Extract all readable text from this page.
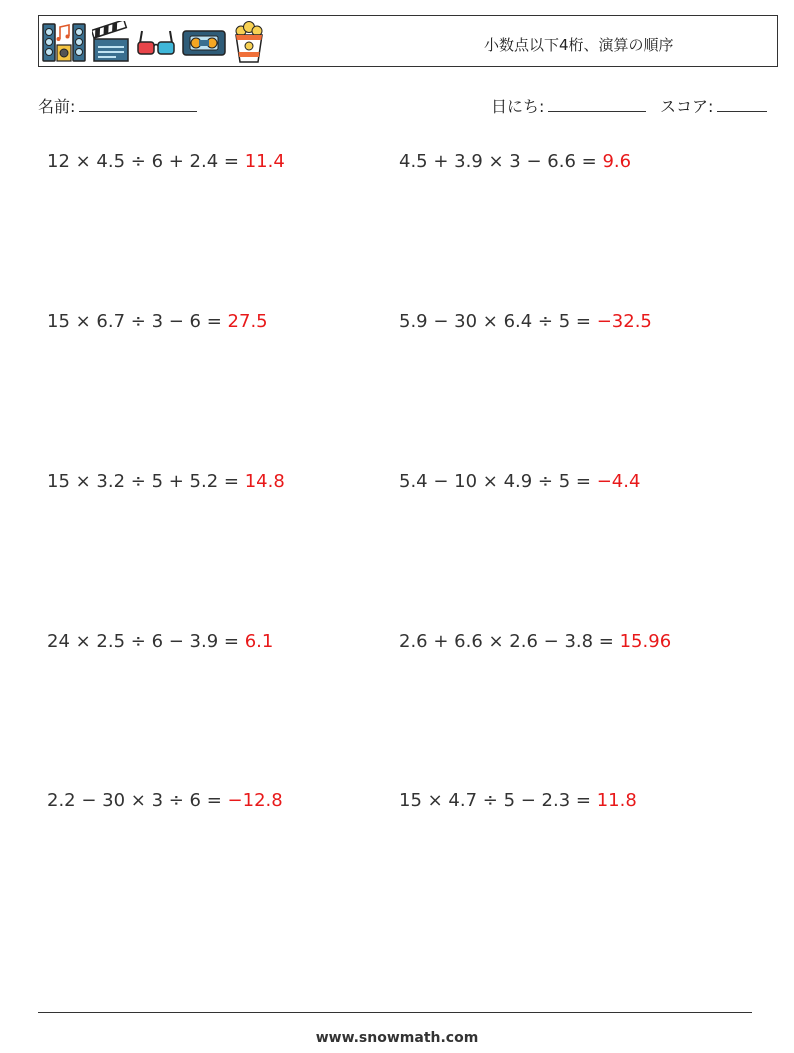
小数点以下4桁、演算の順序
名前:	日にち:	スコア:
12 × 4.5 ÷ 6 + 2.4 = 11.4	4.5 + 3.9 × 3 − 6.6 = 9.6
15 × 6.7 ÷ 3 − 6 = 27.5	5.9 − 30 × 6.4 ÷ 5 = −32.5
15 × 3.2 ÷ 5 + 5.2 = 14.8	5.4 − 10 × 4.9 ÷ 5 = −4.4
24 × 2.5 ÷ 6 − 3.9 = 6.1	2.6 + 6.6 × 2.6 − 3.8 = 15.96
2.2 − 30 × 3 ÷ 6 = −12.8	15 × 4.7 ÷ 5 − 2.3 = 11.8
www.snowmath.com
